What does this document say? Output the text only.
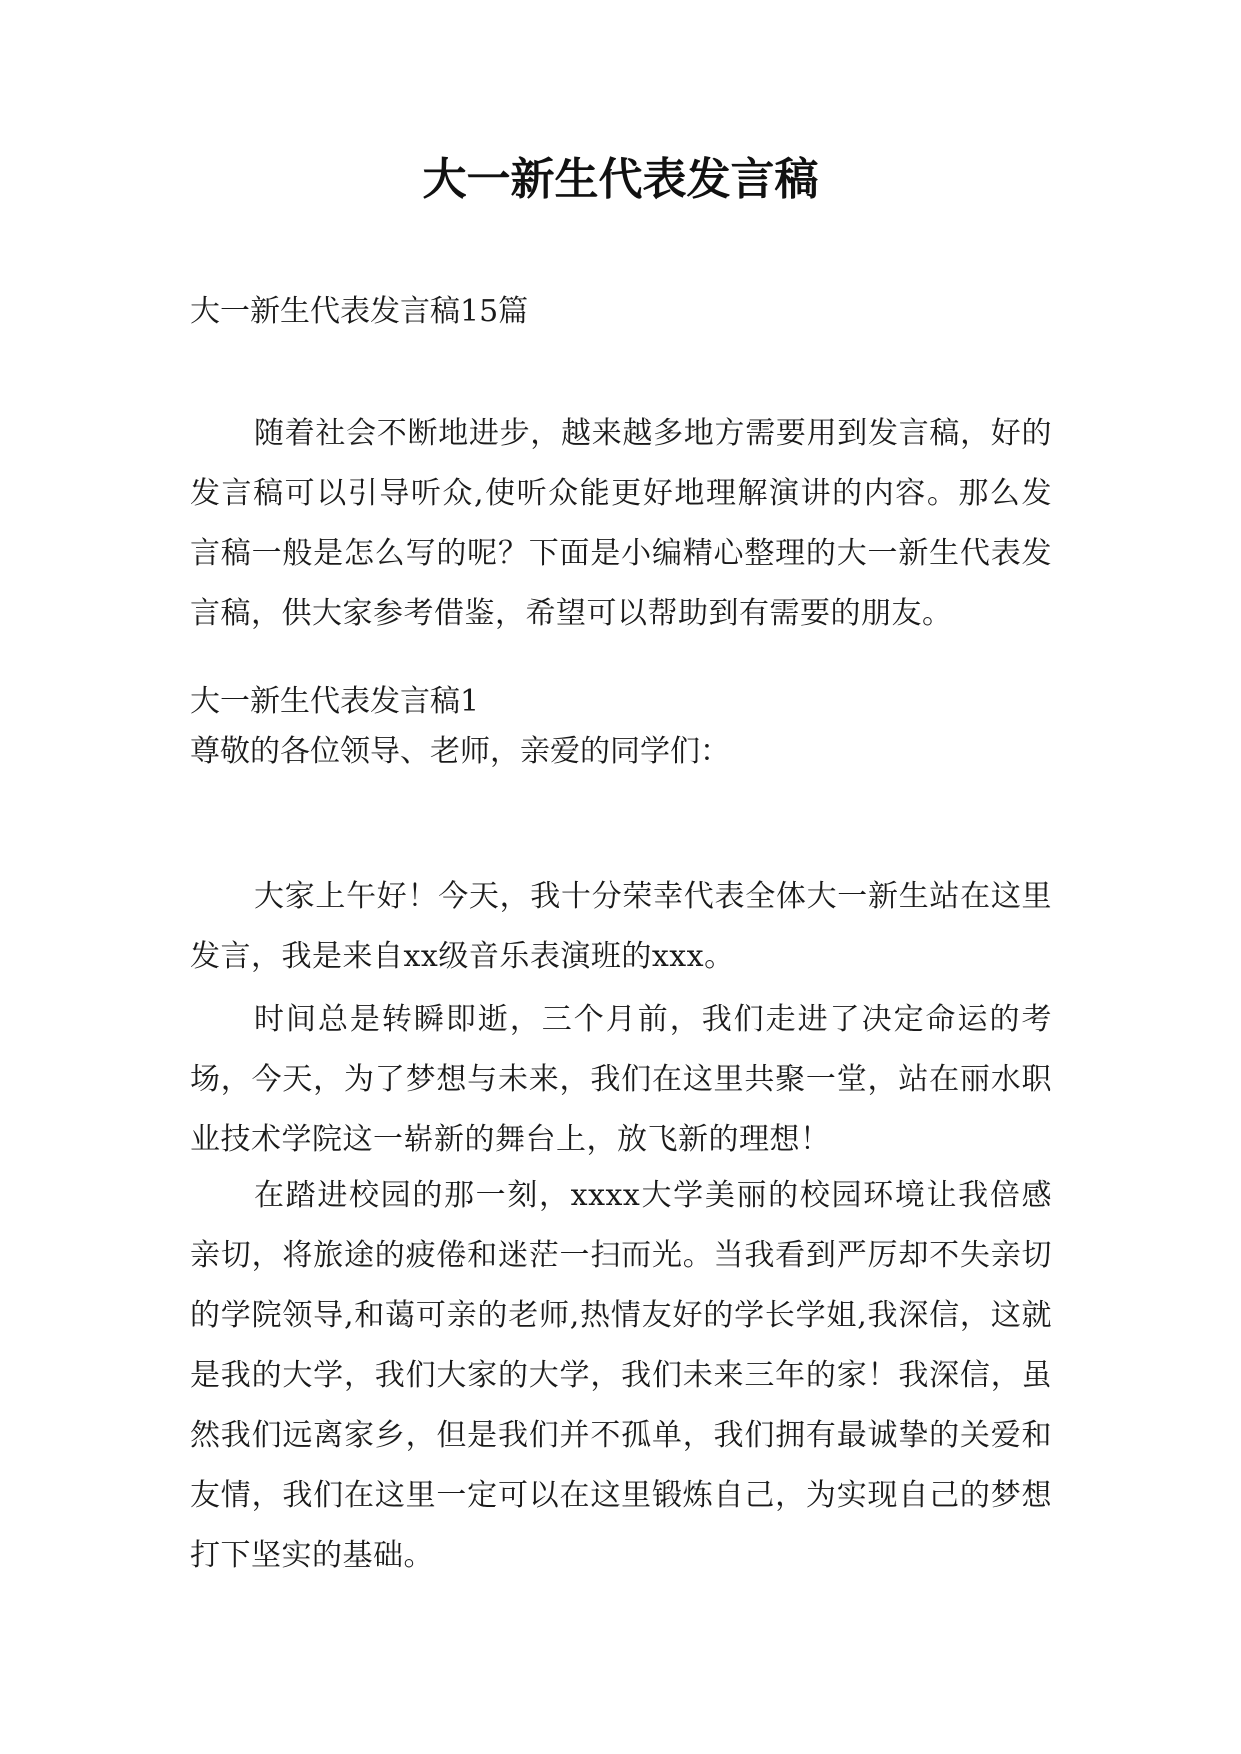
大一新生代表发言稿

大一新生代表发言稿15篇

随着社会不断地进步，越来越多地方需要用到发言稿，好的发言稿可以引导听众,使听众能更好地理解演讲的内容。那么发言稿一般是怎么写的呢？下面是小编精心整理的大一新生代表发言稿，供大家参考借鉴，希望可以帮助到有需要的朋友。

大一新生代表发言稿1

尊敬的各位领导、老师，亲爱的同学们：

大家上午好！今天，我十分荣幸代表全体大一新生站在这里发言，我是来自xx级音乐表演班的xxx。

时间总是转瞬即逝，三个月前，我们走进了决定命运的考场，今天，为了梦想与未来，我们在这里共聚一堂，站在丽水职业技术学院这一崭新的舞台上，放飞新的理想！

在踏进校园的那一刻，xxxx大学美丽的校园环境让我倍感亲切，将旅途的疲倦和迷茫一扫而光。当我看到严厉却不失亲切的学院领导,和蔼可亲的老师,热情友好的学长学姐,我深信，这就是我的大学，我们大家的大学，我们未来三年的家！我深信，虽然我们远离家乡，但是我们并不孤单，我们拥有最诚挚的关爱和友情，我们在这里一定可以在这里锻炼自己，为实现自己的梦想打下坚实的基础。
